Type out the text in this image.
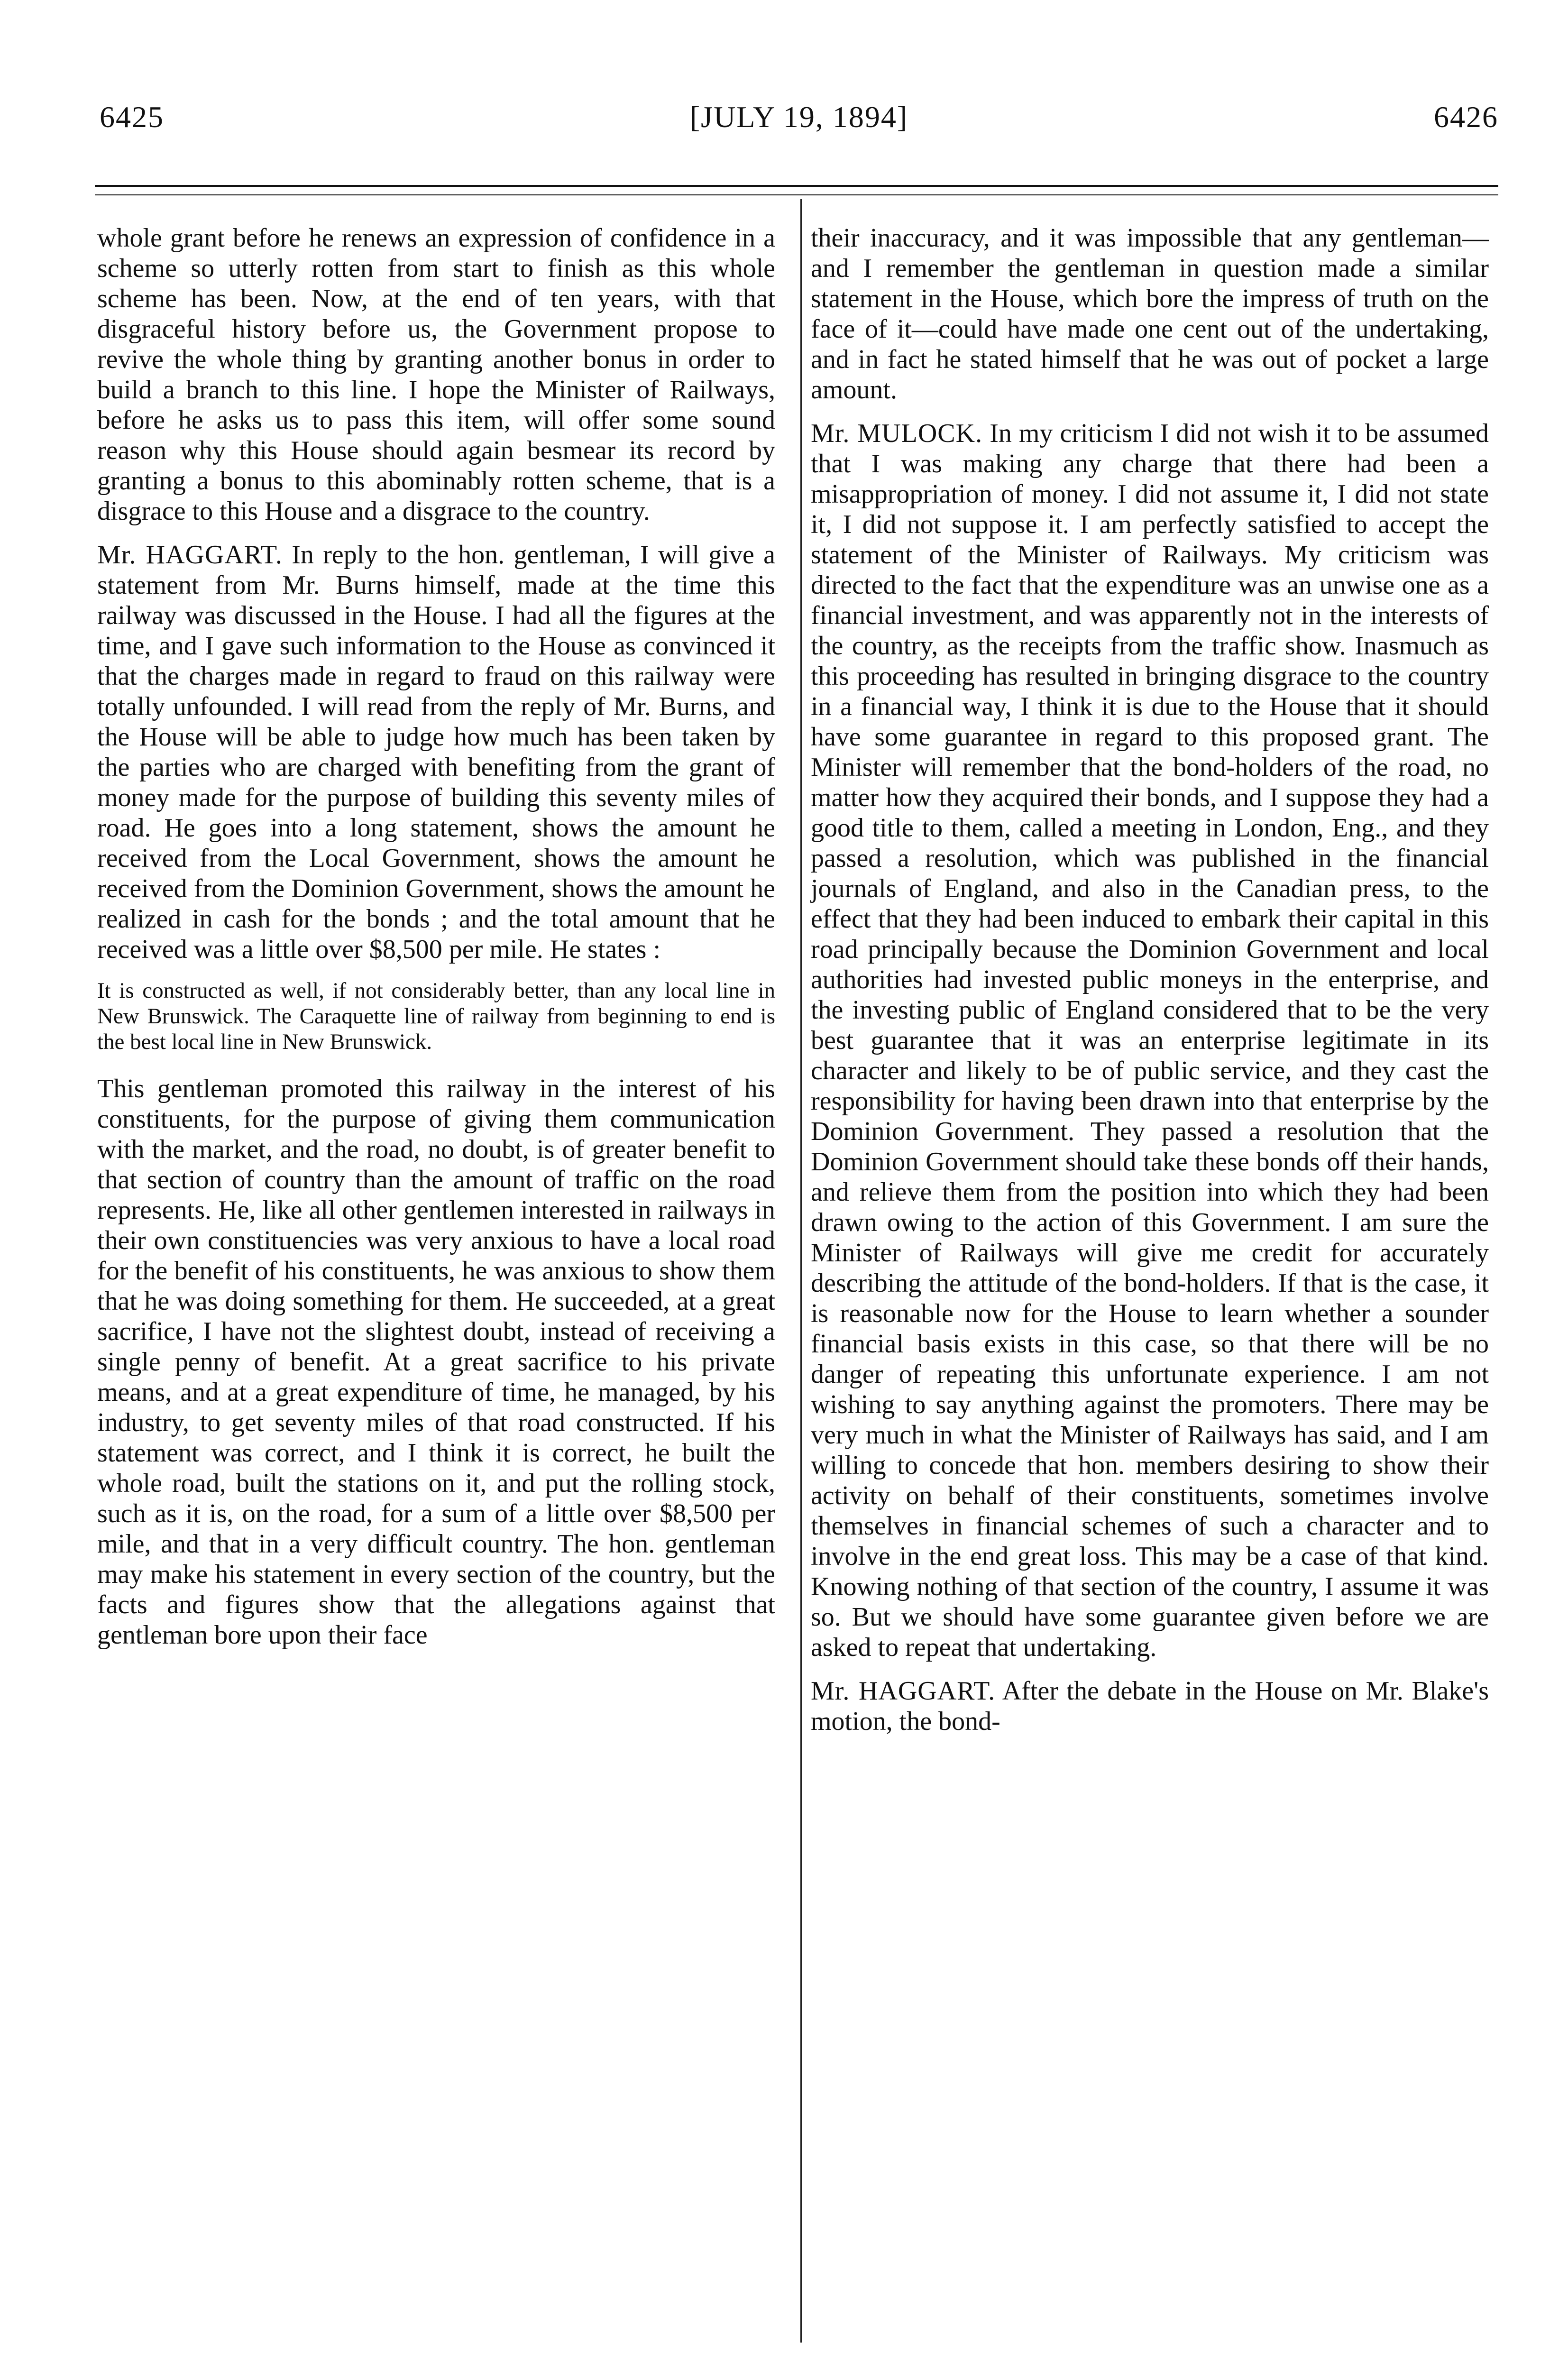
6425	[JULY 19, 1894]	6426

whole grant before he renews an expression of confidence in a scheme so utterly rotten from start to finish as this whole scheme has been. Now, at the end of ten years, with that disgraceful history before us, the Government propose to revive the whole thing by granting another bonus in order to build a branch to this line. I hope the Minister of Railways, before he asks us to pass this item, will offer some sound reason why this House should again besmear its record by granting a bonus to this abominably rotten scheme, that is a disgrace to this House and a disgrace to the country.

Mr. HAGGART. In reply to the hon. gentleman, I will give a statement from Mr. Burns himself, made at the time this railway was discussed in the House. I had all the figures at the time, and I gave such information to the House as convinced it that the charges made in regard to fraud on this railway were totally unfounded. I will read from the reply of Mr. Burns, and the House will be able to judge how much has been taken by the parties who are charged with benefiting from the grant of money made for the purpose of building this seventy miles of road. He goes into a long statement, shows the amount he received from the Local Government, shows the amount he received from the Dominion Government, shows the amount he realized in cash for the bonds ; and the total amount that he received was a little over $8,500 per mile. He states :

It is constructed as well, if not considerably better, than any local line in New Brunswick. The Caraquette line of railway from beginning to end is the best local line in New Brunswick.

This gentleman promoted this railway in the interest of his constituents, for the purpose of giving them communication with the market, and the road, no doubt, is of greater benefit to that section of country than the amount of traffic on the road represents. He, like all other gentlemen interested in railways in their own constituencies was very anxious to have a local road for the benefit of his constituents, he was anxious to show them that he was doing something for them. He succeeded, at a great sacrifice, I have not the slightest doubt, instead of receiving a single penny of benefit. At a great sacrifice to his private means, and at a great expenditure of time, he managed, by his industry, to get seventy miles of that road constructed. If his statement was correct, and I think it is correct, he built the whole road, built the stations on it, and put the rolling stock, such as it is, on the road, for a sum of a little over $8,500 per mile, and that in a very difficult country. The hon. gentleman may make his statement in every section of the country, but the facts and figures show that the allegations against that gentleman bore upon their face

their inaccuracy, and it was impossible that any gentleman—and I remember the gentleman in question made a similar statement in the House, which bore the impress of truth on the face of it—could have made one cent out of the undertaking, and in fact he stated himself that he was out of pocket a large amount.

Mr. MULOCK. In my criticism I did not wish it to be assumed that I was making any charge that there had been a misappropriation of money. I did not assume it, I did not state it, I did not suppose it. I am perfectly satisfied to accept the statement of the Minister of Railways. My criticism was directed to the fact that the expenditure was an unwise one as a financial investment, and was apparently not in the interests of the country, as the receipts from the traffic show. Inasmuch as this proceeding has resulted in bringing disgrace to the country in a financial way, I think it is due to the House that it should have some guarantee in regard to this proposed grant. The Minister will remember that the bond-holders of the road, no matter how they acquired their bonds, and I suppose they had a good title to them, called a meeting in London, Eng., and they passed a resolution, which was published in the financial journals of England, and also in the Canadian press, to the effect that they had been induced to embark their capital in this road principally because the Dominion Government and local authorities had invested public moneys in the enterprise, and the investing public of England considered that to be the very best guarantee that it was an enterprise legitimate in its character and likely to be of public service, and they cast the responsibility for having been drawn into that enterprise by the Dominion Government. They passed a resolution that the Dominion Government should take these bonds off their hands, and relieve them from the position into which they had been drawn owing to the action of this Government. I am sure the Minister of Railways will give me credit for accurately describing the attitude of the bond-holders. If that is the case, it is reasonable now for the House to learn whether a sounder financial basis exists in this case, so that there will be no danger of repeating this unfortunate experience. I am not wishing to say anything against the promoters. There may be very much in what the Minister of Railways has said, and I am willing to concede that hon. members desiring to show their activity on behalf of their constituents, sometimes involve themselves in financial schemes of such a character and to involve in the end great loss. This may be a case of that kind. Knowing nothing of that section of the country, I assume it was so. But we should have some guarantee given before we are asked to repeat that undertaking.

Mr. HAGGART. After the debate in the House on Mr. Blake's motion, the bond-
